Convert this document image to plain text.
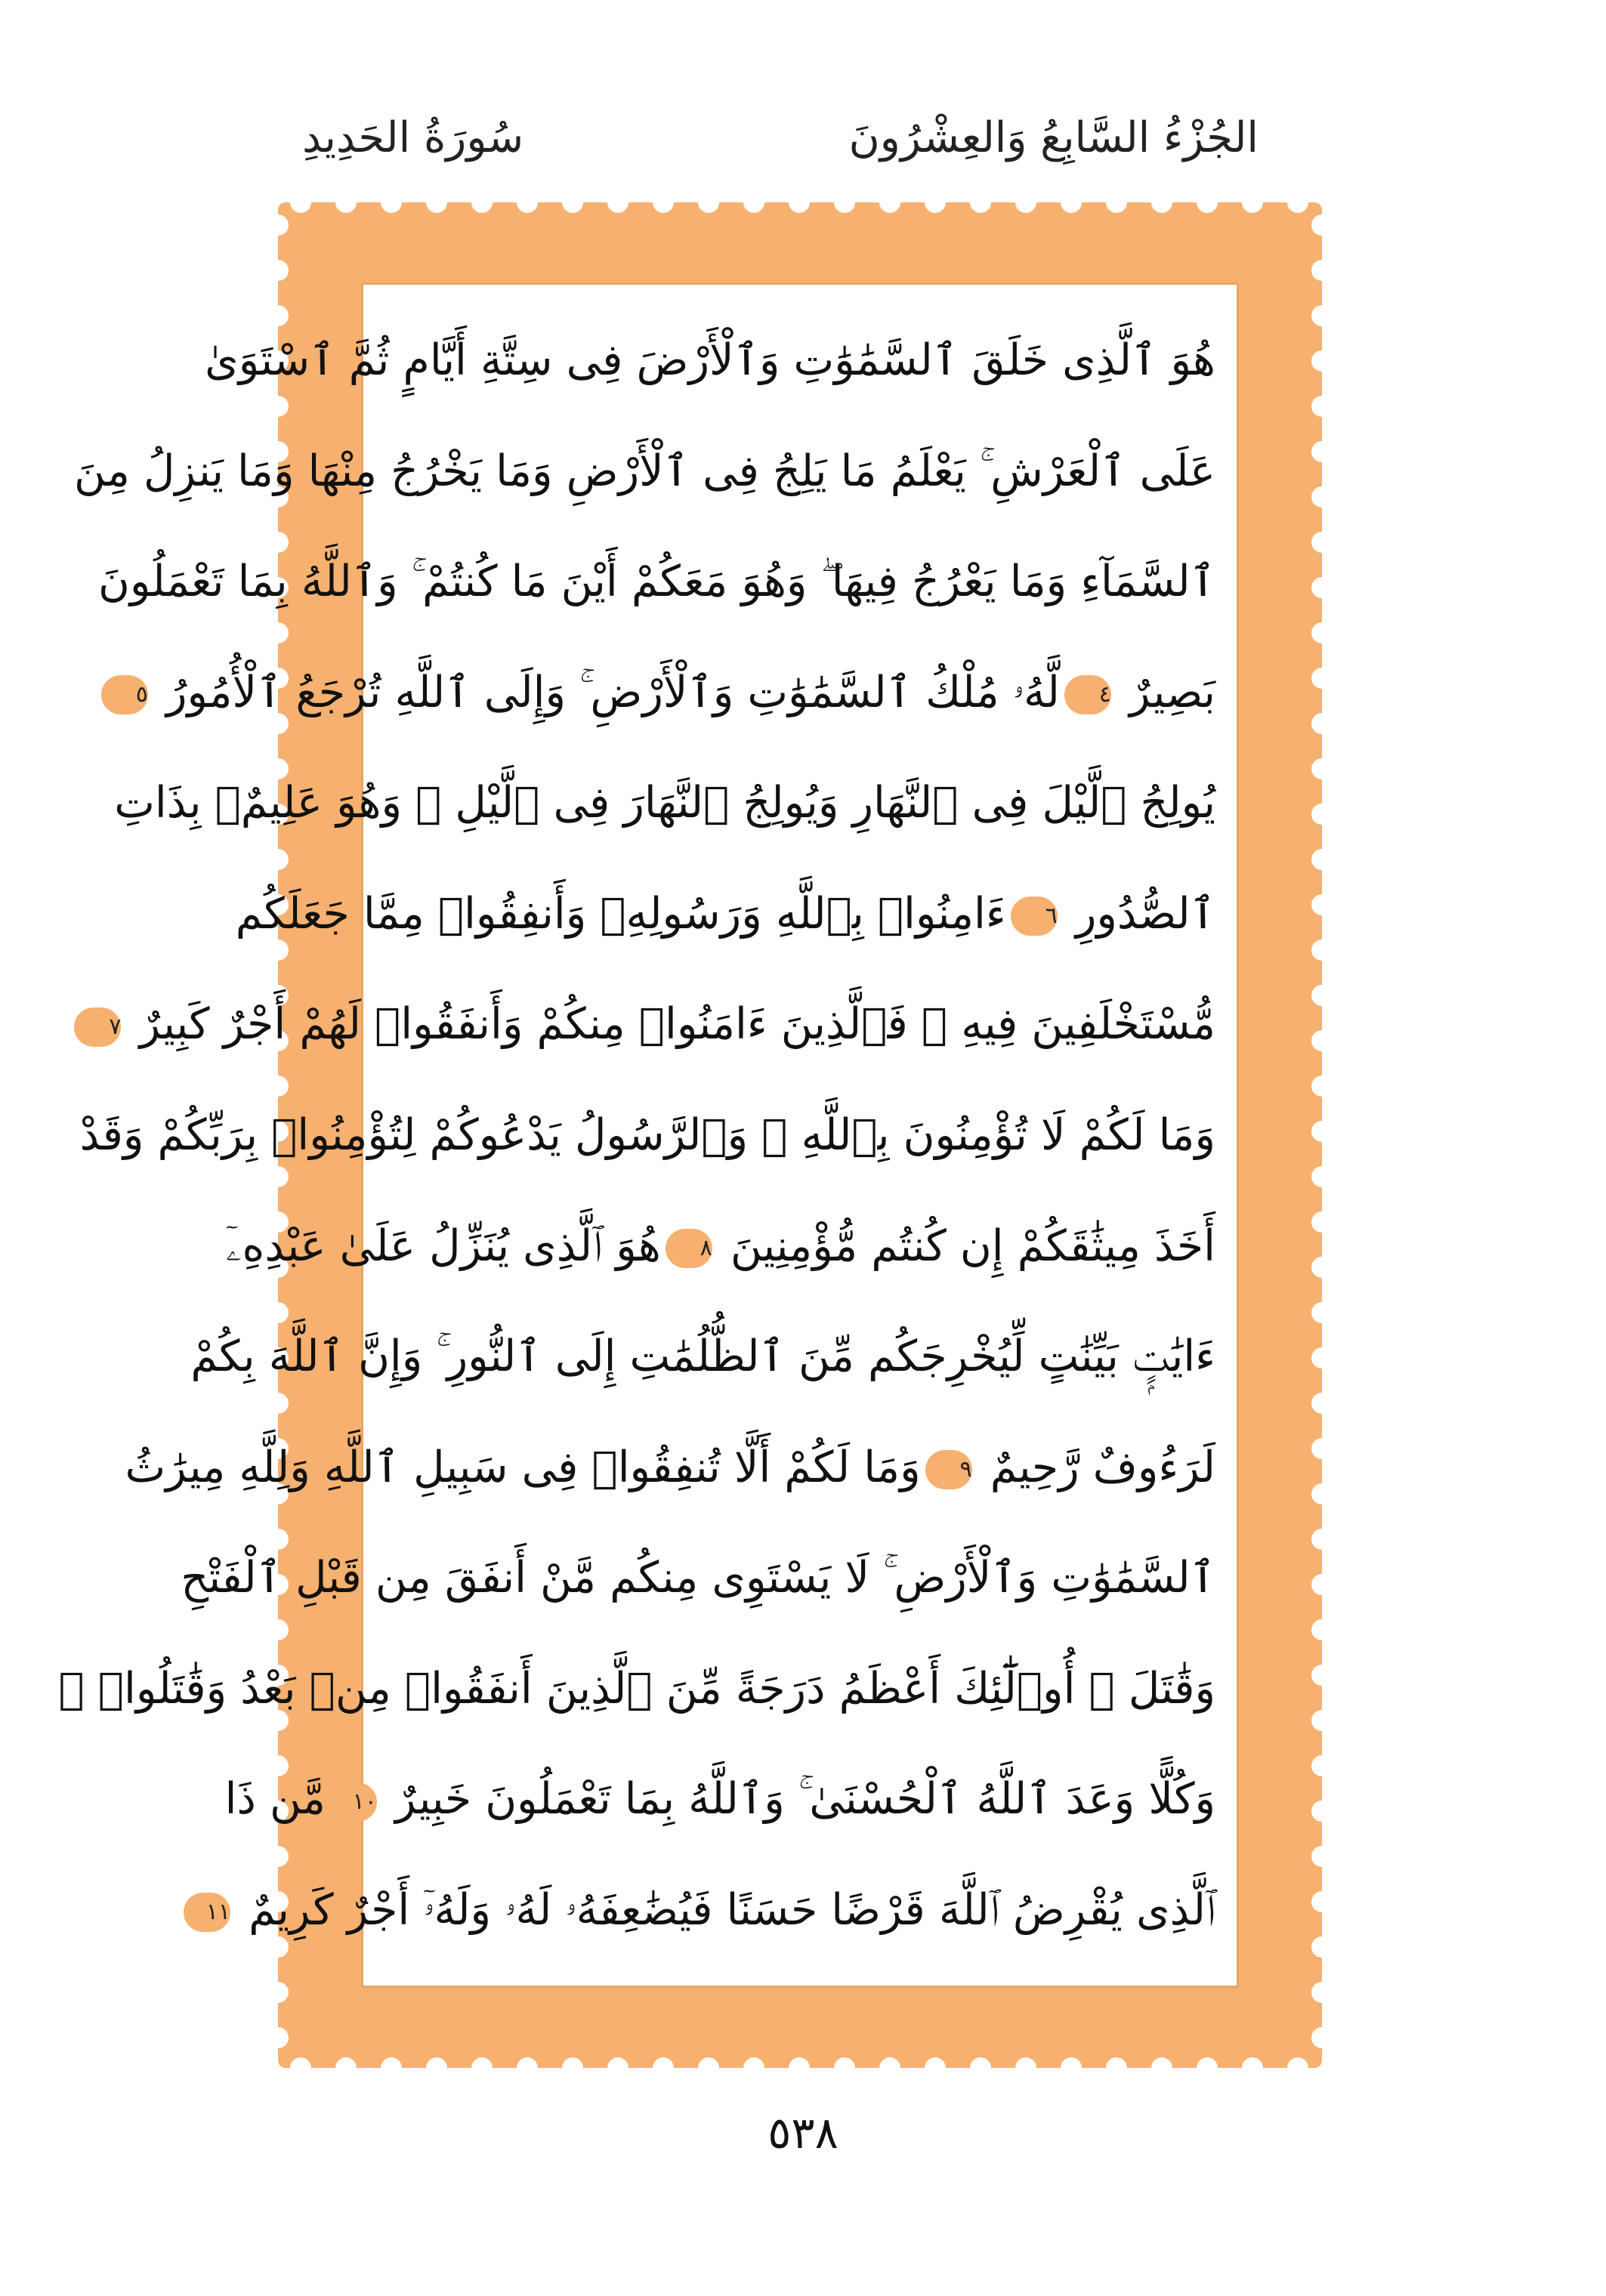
الجُزْءُ السَّابِعُ وَالعِشْرُونَ
سُورَةُ الحَدِيدِ
هُوَ ٱلَّذِى خَلَقَ ٱلسَّمَٰوَٰتِ وَٱلْأَرْضَ فِى سِتَّةِ أَيَّامٍ ثُمَّ ٱسْتَوَىٰ
عَلَى ٱلْعَرْشِ ۚ يَعْلَمُ مَا يَلِجُ فِى ٱلْأَرْضِ وَمَا يَخْرُجُ مِنْهَا وَمَا يَنزِلُ مِنَ
ٱلسَّمَآءِ وَمَا يَعْرُجُ فِيهَا ۖ وَهُوَ مَعَكُمْ أَيْنَ مَا كُنتُمْ ۚ وَٱللَّهُ بِمَا تَعْمَلُونَ
بَصِيرٌ ٤لَّهُۥ مُلْكُ ٱلسَّمَٰوَٰتِ وَٱلْأَرْضِ ۚ وَإِلَى ٱللَّهِ تُرْجَعُ ٱلْأُمُورُ ٥
يُولِجُ ٱلَّيْلَ فِى ٱلنَّهَارِ وَيُولِجُ ٱلنَّهَارَ فِى ٱلَّيْلِ ۚ وَهُوَ عَلِيمٌۢ بِذَاتِ
ٱلصُّدُورِ ٦ءَامِنُوا۟ بِٱللَّهِ وَرَسُولِهِۦ وَأَنفِقُوا۟ مِمَّا جَعَلَكُم
مُّسْتَخْلَفِينَ فِيهِ ۖ فَٱلَّذِينَ ءَامَنُوا۟ مِنكُمْ وَأَنفَقُوا۟ لَهُمْ أَجْرٌ كَبِيرٌ ٧
وَمَا لَكُمْ لَا تُؤْمِنُونَ بِٱللَّهِ ۙ وَٱلرَّسُولُ يَدْعُوكُمْ لِتُؤْمِنُوا۟ بِرَبِّكُمْ وَقَدْ
أَخَذَ مِيثَٰقَكُمْ إِن كُنتُم مُّؤْمِنِينَ ٨هُوَ ٱلَّذِى يُنَزِّلُ عَلَىٰ عَبْدِهِۦٓ
ءَايَٰتٍۭ بَيِّنَٰتٍ لِّيُخْرِجَكُم مِّنَ ٱلظُّلُمَٰتِ إِلَى ٱلنُّورِ ۚ وَإِنَّ ٱللَّهَ بِكُمْ
لَرَءُوفٌ رَّحِيمٌ ٩وَمَا لَكُمْ أَلَّا تُنفِقُوا۟ فِى سَبِيلِ ٱللَّهِ وَلِلَّهِ مِيرَٰثُ
ٱلسَّمَٰوَٰتِ وَٱلْأَرْضِ ۚ لَا يَسْتَوِى مِنكُم مَّنْ أَنفَقَ مِن قَبْلِ ٱلْفَتْحِ
وَقَٰتَلَ ۚ أُو۟لَٰٓئِكَ أَعْظَمُ دَرَجَةً مِّنَ ٱلَّذِينَ أَنفَقُوا۟ مِنۢ بَعْدُ وَقَٰتَلُوا۟ ۚ
وَكُلًّا وَعَدَ ٱللَّهُ ٱلْحُسْنَىٰ ۚ وَٱللَّهُ بِمَا تَعْمَلُونَ خَبِيرٌ ١٠مَّن ذَا
ٱلَّذِى يُقْرِضُ ٱللَّهَ قَرْضًا حَسَنًا فَيُضَٰعِفَهُۥ لَهُۥ وَلَهُۥٓ أَجْرٌ كَرِيمٌ ١١
٥٣٨
